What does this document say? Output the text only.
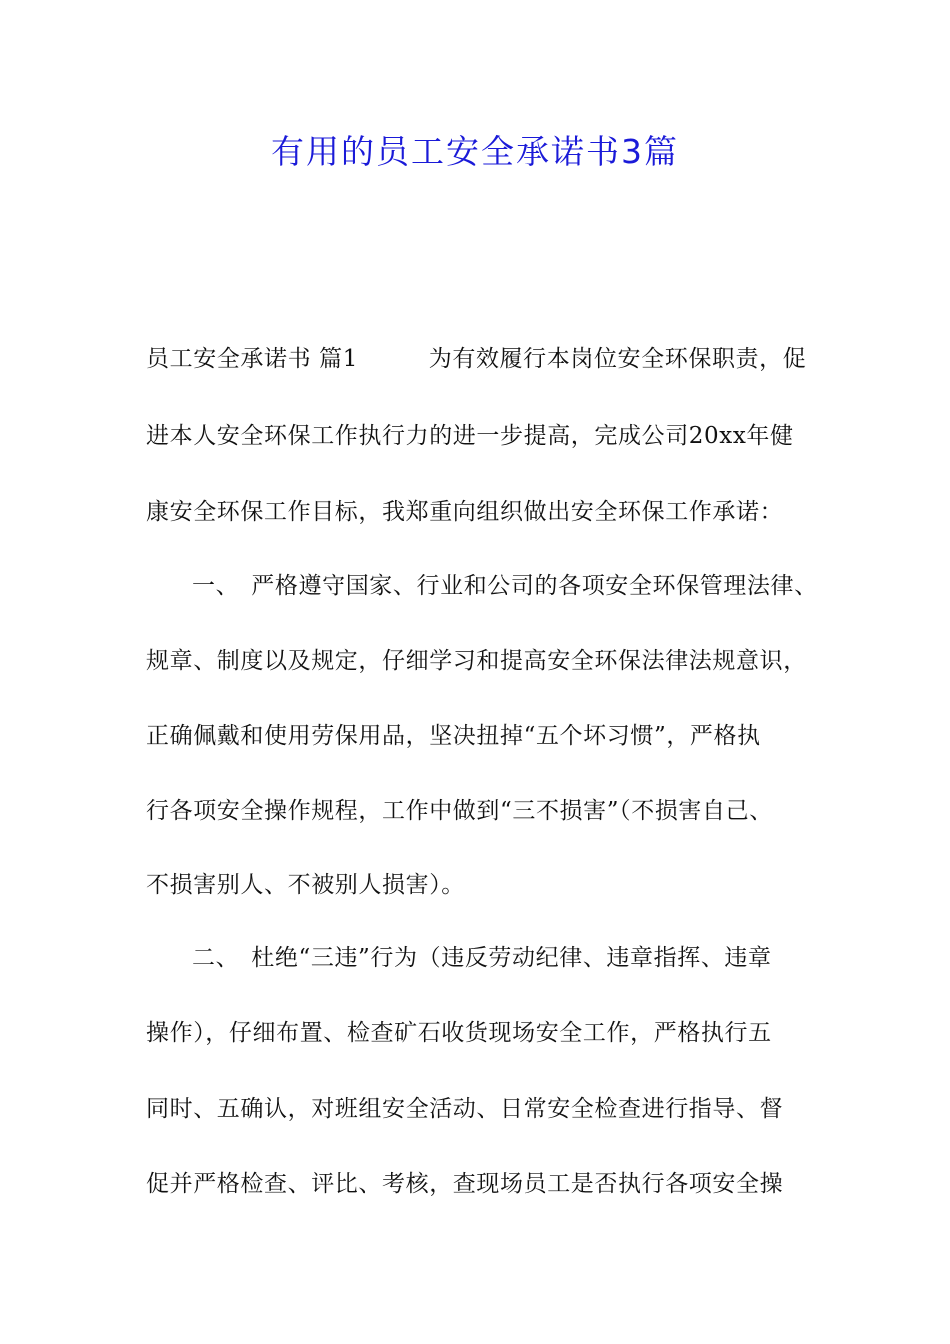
有用的员工安全承诺书3篇
员工安全承诺书 篇1　　　为有效履行本岗位安全环保职责，促
进本人安全环保工作执行力的进一步提高，完成公司20xx年健
康安全环保工作目标，我郑重向组织做出安全环保工作承诺：
一、　严格遵守国家、行业和公司的各项安全环保管理法律、
规章、制度以及规定，仔细学习和提高安全环保法律法规意识，
正确佩戴和使用劳保用品，坚决扭掉“五个坏习惯”，严格执
行各项安全操作规程，工作中做到“三不损害”（不损害自己、
不损害别人、不被别人损害）。
二、　杜绝“三违”行为（违反劳动纪律、违章指挥、违章
操作），仔细布置、检查矿石收货现场安全工作，严格执行五
同时、五确认，对班组安全活动、日常安全检查进行指导、督
促并严格检查、评比、考核，查现场员工是否执行各项安全操
